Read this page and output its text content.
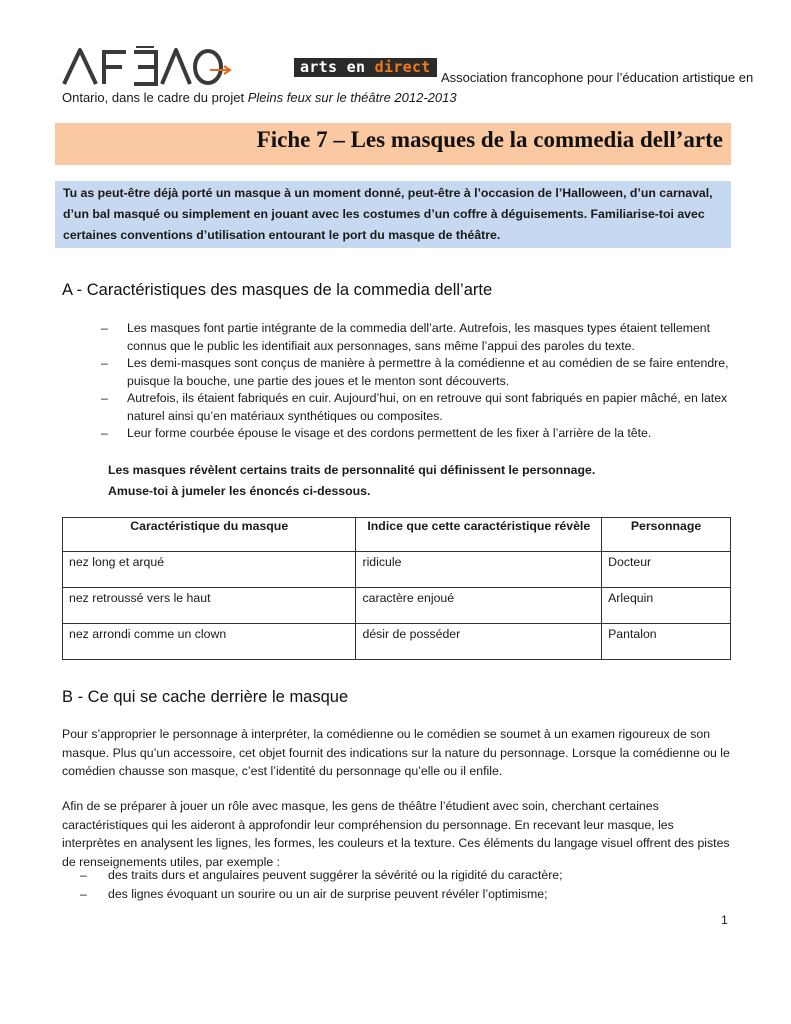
arts en direct
Association francophone pour l’éducation artistique en
Ontario, dans le cadre du projet Pleins feux sur le théâtre 2012-2013
Fiche 7 – Les masques de la commedia dell’arte
Tu as peut-être déjà porté un masque à un moment donné, peut-être à l’occasion de l’Halloween, d’un carnaval, d’un bal masqué ou simplement en jouant avec les costumes d’un coffre à déguisements. Familiarise-toi avec certaines conventions d’utilisation entourant le port du masque de théâtre.
A - Caractéristiques des masques de la commedia dell’arte
– Les masques font partie intégrante de la commedia dell’arte. Autrefois, les masques types étaient tellement connus que le public les identifiait aux personnages, sans même l’appui des paroles du texte.
– Les demi-masques sont conçus de manière à permettre à la comédienne et au comédien de se faire entendre, puisque la bouche, une partie des joues et le menton sont découverts.
– Autrefois, ils étaient fabriqués en cuir. Aujourd’hui, on en retrouve qui sont fabriqués en papier mâché, en latex naturel ainsi qu’en matériaux synthétiques ou composites.
– Leur forme courbée épouse le visage et des cordons permettent de les fixer à l’arrière de la tête.
Les masques révèlent certains traits de personnalité qui définissent le personnage.
Amuse-toi à jumeler les énoncés ci-dessous.
Caractéristique du masque	Indice que cette caractéristique révèle	Personnage
nez long et arqué	ridicule	Docteur
nez retroussé vers le haut	caractère enjoué	Arlequin
nez arrondi comme un clown	désir de posséder	Pantalon
B - Ce qui se cache derrière le masque

Pour s’approprier le personnage à interpréter, la comédienne ou le comédien se soumet à un examen rigoureux de son masque. Plus qu’un accessoire, cet objet fournit des indications sur la nature du personnage. Lorsque la comédienne ou le comédien chausse son masque, c’est l’identité du personnage qu’elle ou il enfile.

Afin de se préparer à jouer un rôle avec masque, les gens de théâtre l’étudient avec soin, cherchant certaines caractéristiques qui les aideront à approfondir leur compréhension du personnage. En recevant leur masque, les interprètes en analysent les lignes, les formes, les couleurs et la texture. Ces éléments du langage visuel offrent des pistes de renseignements utiles, par exemple :

– des traits durs et angulaires peuvent suggérer la sévérité ou la rigidité du caractère;
– des lignes évoquant un sourire ou un air de surprise peuvent révéler l’optimisme;
1
